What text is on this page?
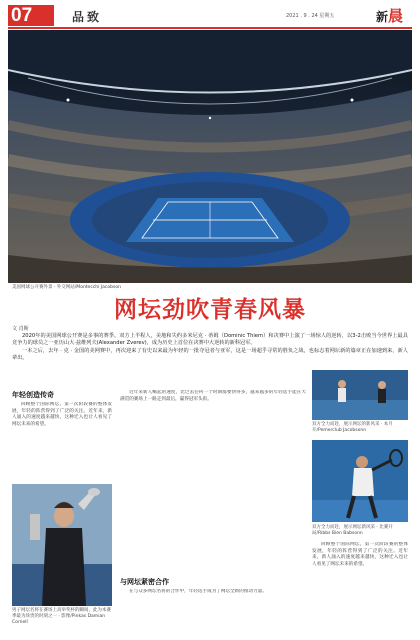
07	品致	2021 . 9 . 24 星期五	新晨
美国网球公开赛外景 · 外交网站/Montecchi Jacobson
网坛劲吹青春风暴
文 肖斯

2020年的美国网球公开赛是多事的赛季。双方上半程人，美地和失约多米尼克 · 蒂姆（Dominic Thiem）和决赛中上演了一场惊人的逆转，以3-2击败当今世界上最具竞争力的球员之一亚历山大·兹维列夫(Alexander Zverev)，成为历史上首位在决赛中大逆转的新科冠军。

一本之后，去年 · 克 · 金国的美网赛中，再次迎来了有史以来最为年轻的一批夺冠者与亚军，这是一场超乎寻常的胜负之战，也标志着网坛新的篇章正在加速到来，新人辈出。

年轻创造传奇

回顾整个国际网坛，第一次阶段赛的整体发展，年轻的阵营得到了广泛的关注。近年来，新人涌入的速度越来越快，这种迁入也让人看见了网坛未来的希望。

男子网坛名将在赛场上高举奖杯的瞬间，此为本赛季最为珍贵的时刻之一 · 影像/Pinkas Damian Cornell

近年来新人崛起的速度，比过去任何一个时期都要快得多，越来越多的年轻选手能在大满贯的赛场上一路走到最后，赢得冠军头衔。

与网坛紧密合作

在与众多网坛名将的合作中，年轻选手成为了网坛全新的推动力量。

双方全力而赴，展示网坛的新风采 · 本月开/Pemerclub Jacobsonn
双方全力而赴，展示网坛新风采 · 比赛开局/Ribbs Bien Babsonn

回顾整个国际网坛，第一次阶段赛的整体发展，年轻的阵营得到了广泛的关注。近年来，新人涌入的速度越来越快，这种迁入也让人看见了网坛未来的希望。
